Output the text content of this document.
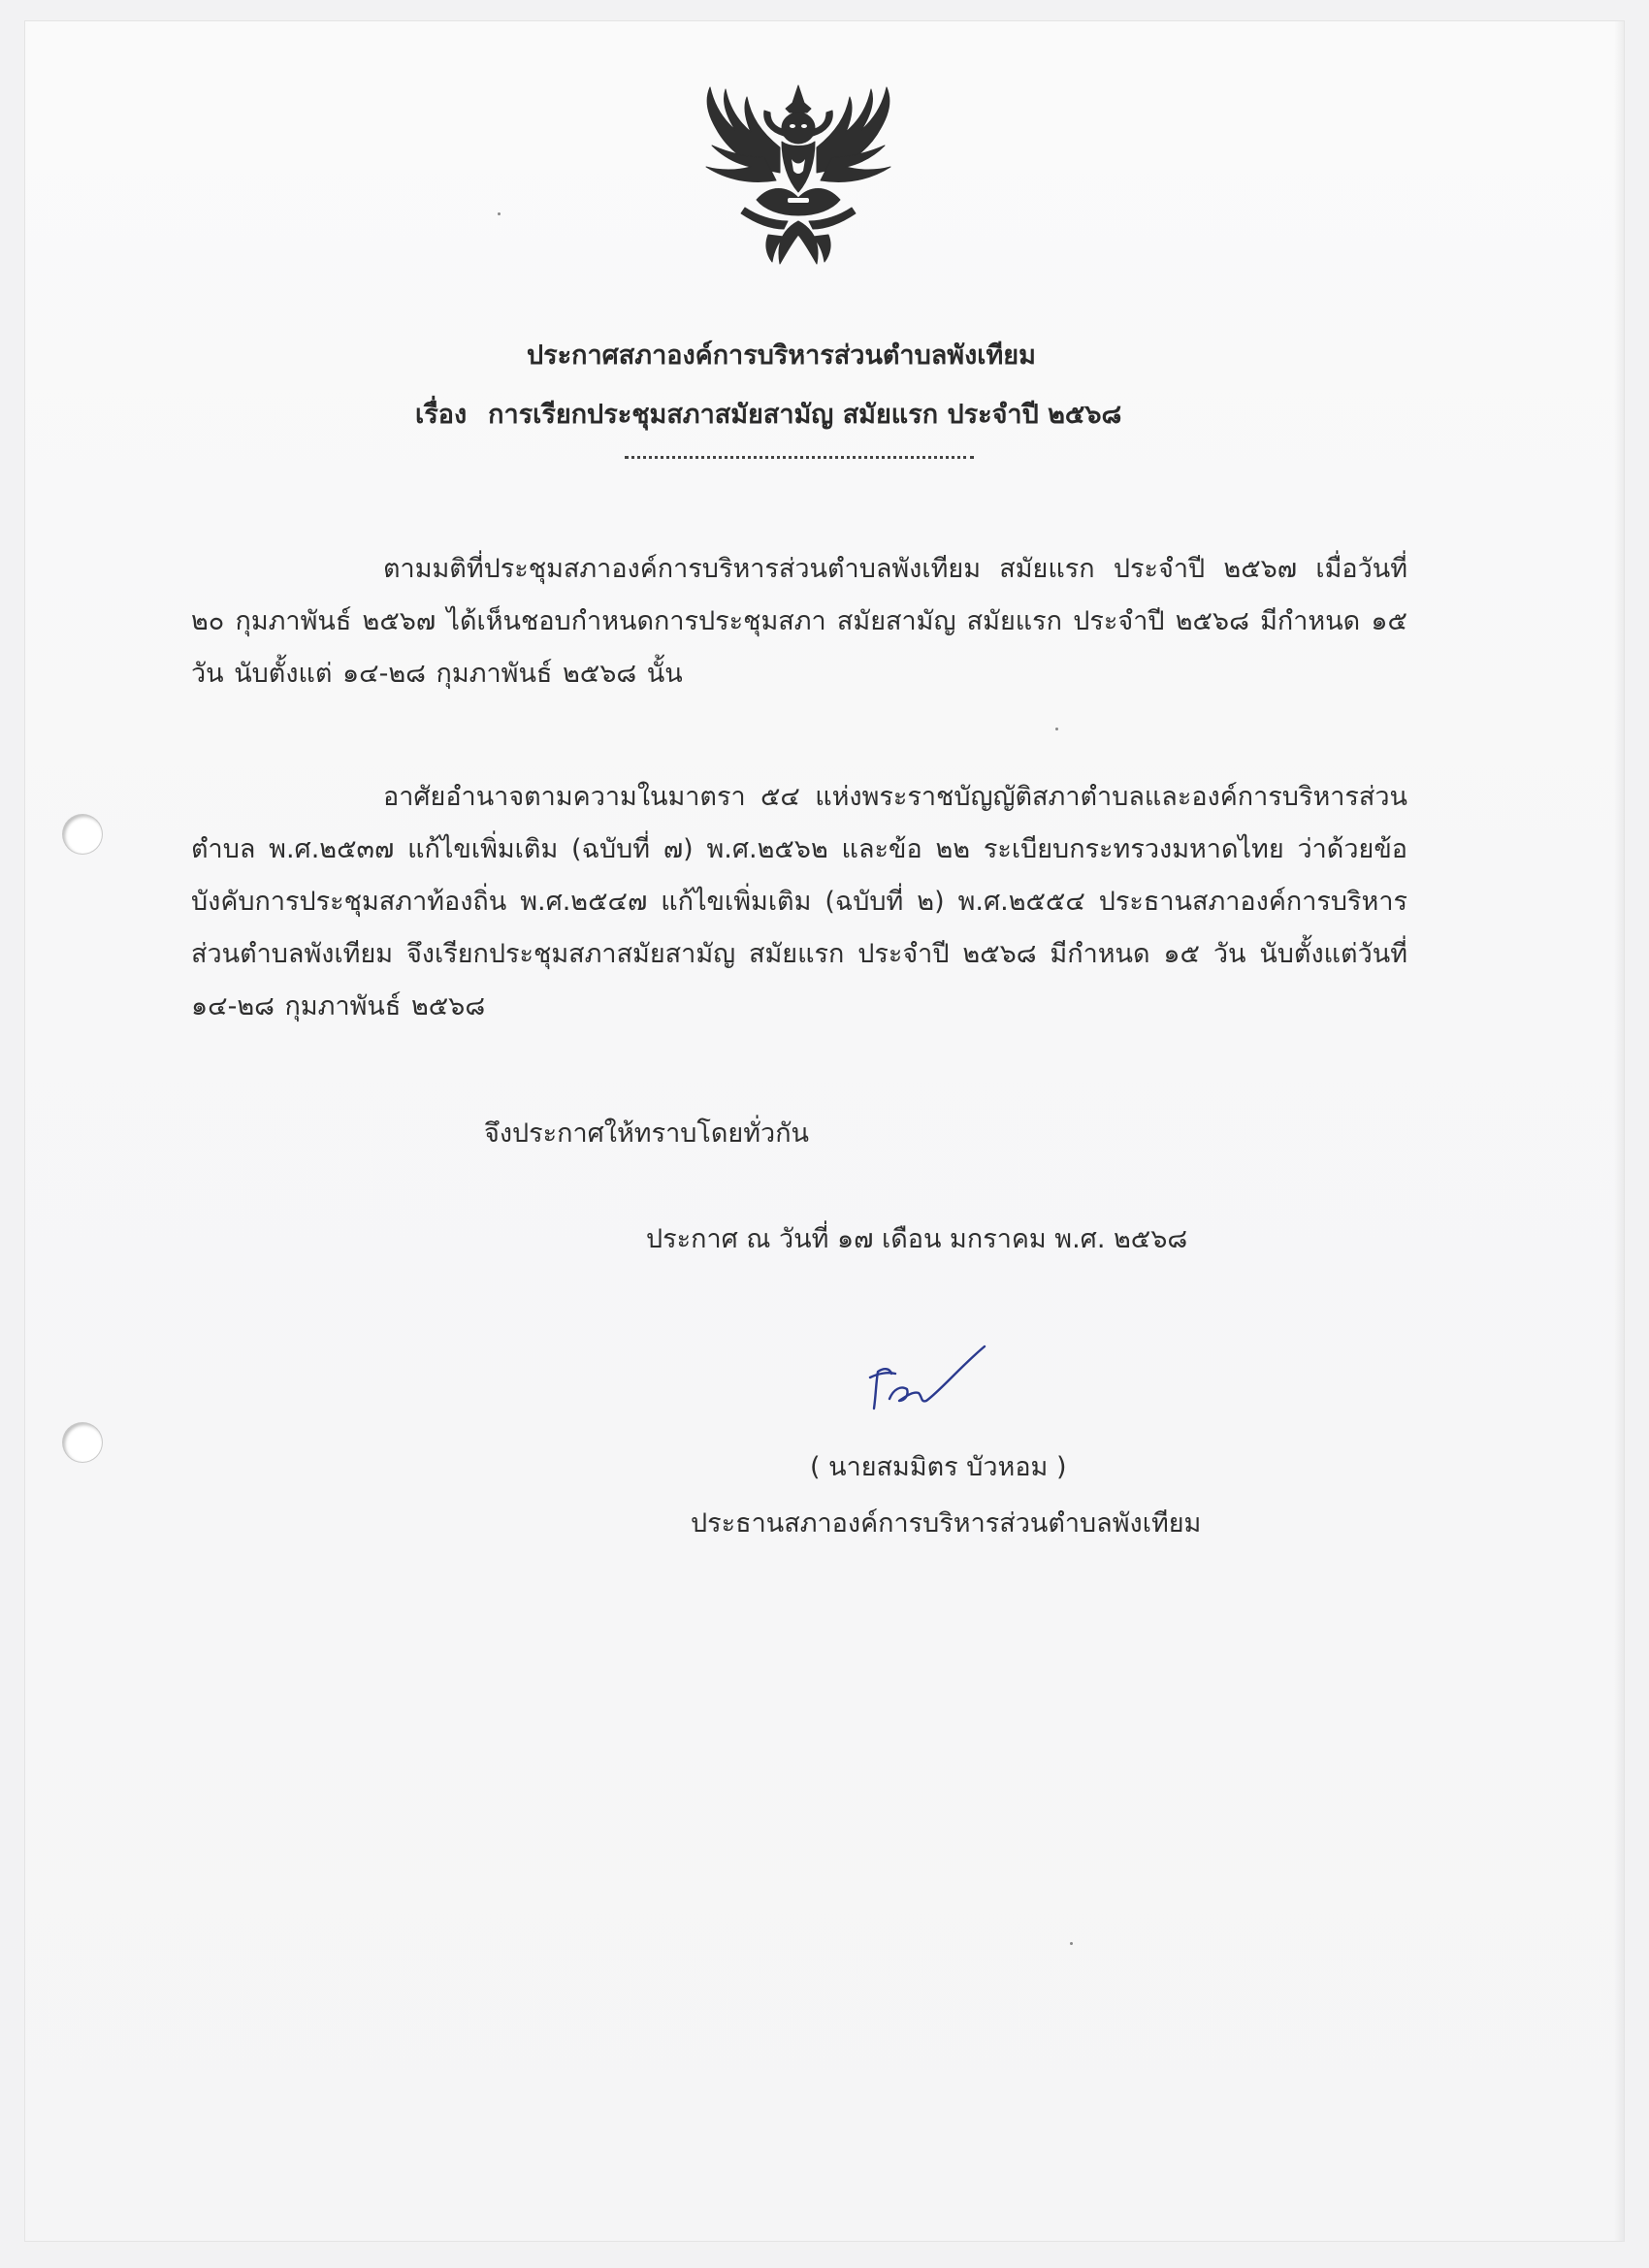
ประกาศสภาองค์การบริหารส่วนตำบลพังเทียม
เรื่อง การเรียกประชุมสภาสมัยสามัญ สมัยแรก ประจำปี ๒๕๖๘

ตามมติที่ประชุมสภาองค์การบริหารส่วนตำบลพังเทียม สมัยแรก ประจำปี ๒๕๖๗ เมื่อวันที่ ๒๐ กุมภาพันธ์ ๒๕๖๗ ได้เห็นชอบกำหนดการประชุมสภา สมัยสามัญ สมัยแรก ประจำปี ๒๕๖๘ มีกำหนด ๑๕ วัน นับตั้งแต่ ๑๔-๒๘ กุมภาพันธ์ ๒๕๖๘ นั้น

อาศัยอำนาจตามความในมาตรา ๕๔ แห่งพระราชบัญญัติสภาตำบลและองค์การบริหารส่วนตำบล พ.ศ.๒๕๓๗ แก้ไขเพิ่มเติม (ฉบับที่ ๗) พ.ศ.๒๕๖๒ และข้อ ๒๒ ระเบียบกระทรวงมหาดไทย ว่าด้วยข้อบังคับการประชุมสภาท้องถิ่น พ.ศ.๒๕๔๗ แก้ไขเพิ่มเติม (ฉบับที่ ๒) พ.ศ.๒๕๕๔ ประธานสภาองค์การบริหารส่วนตำบลพังเทียม จึงเรียกประชุมสภาสมัยสามัญ สมัยแรก ประจำปี ๒๕๖๘ มีกำหนด ๑๕ วัน นับตั้งแต่วันที่ ๑๔-๒๘ กุมภาพันธ์ ๒๕๖๘

จึงประกาศให้ทราบโดยทั่วกัน
ประกาศ ณ วันที่ ๑๗ เดือน มกราคม พ.ศ. ๒๕๖๘
( นายสมมิตร บัวหอม )
ประธานสภาองค์การบริหารส่วนตำบลพังเทียม
